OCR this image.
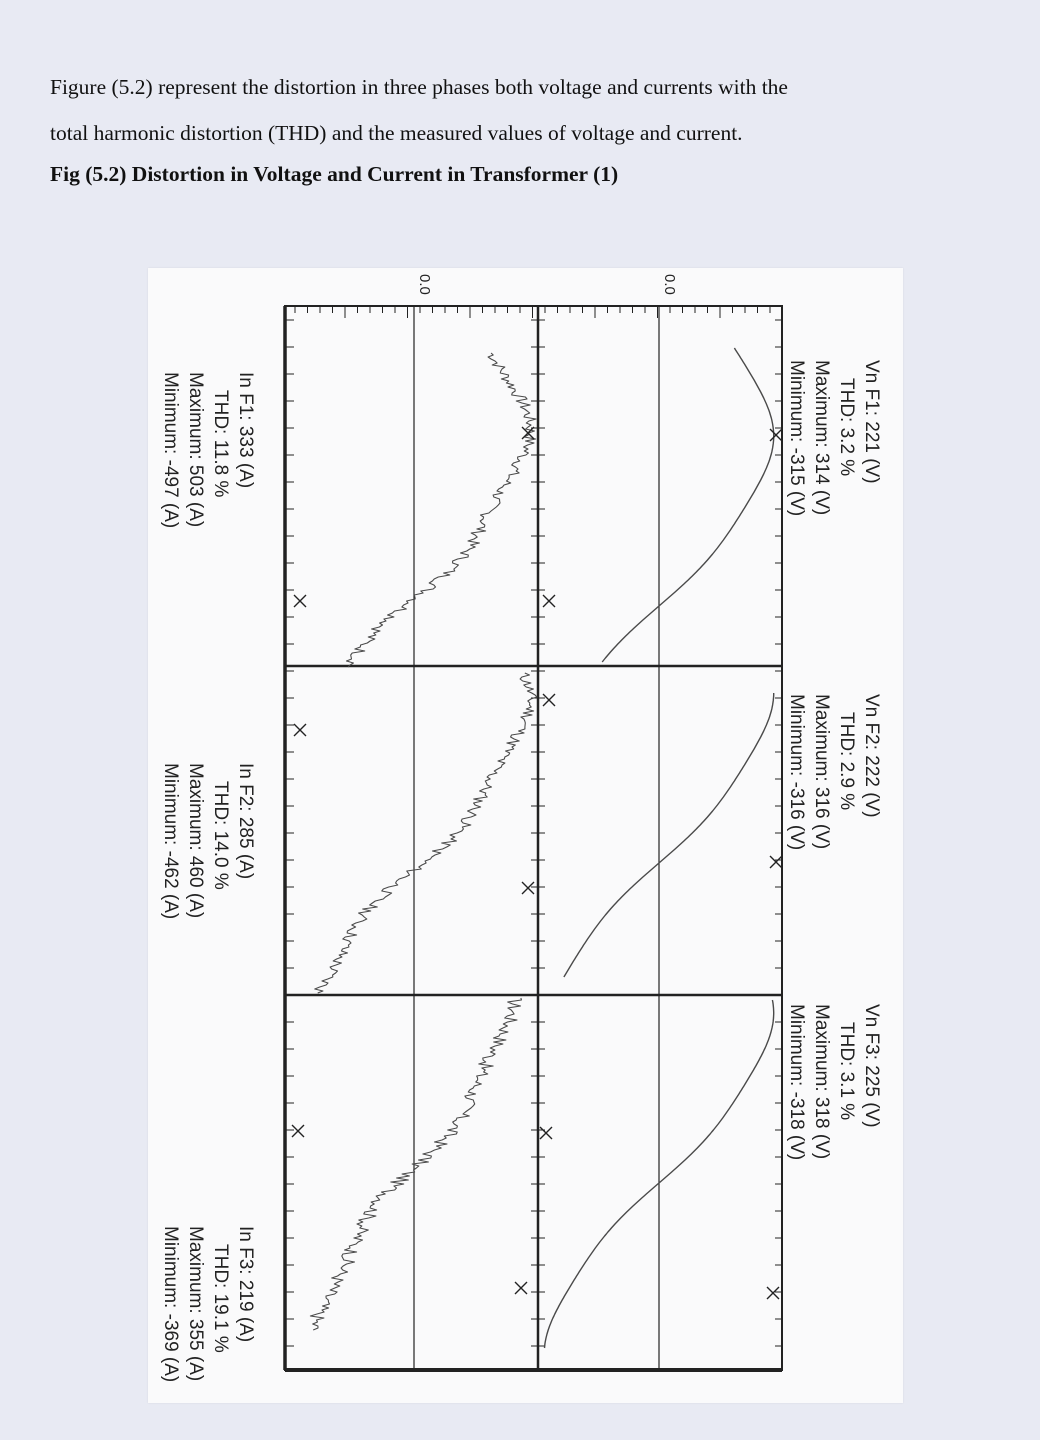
Figure (5.2) represent the distortion in three phases both voltage and currents with the
total harmonic distortion (THD) and the measured values of voltage and current.
Fig (5.2) Distortion in Voltage and Current in Transformer (1)
0.0
0.0
Vn F1: 221 (V)
THD: 3.2 %
Maximum: 314 (V)
Minimum: -315 (V)
Vn F2: 222 (V)
THD: 2.9 %
Maximum: 316 (V)
Minimum: -316 (V)
Vn F3: 225 (V)
THD: 3.1 %
Maximum: 318 (V)
Minimum: -318 (V)
In F1: 333 (A)
THD: 11.8 %
Maximum: 503 (A)
Minimum: -497 (A)
In F2: 285 (A)
THD: 14.0 %
Maximum: 460 (A)
Minimum: -462 (A)
In F3: 219 (A)
THD: 19.1 %
Maximum: 355 (A)
Minimum: -369 (A)
